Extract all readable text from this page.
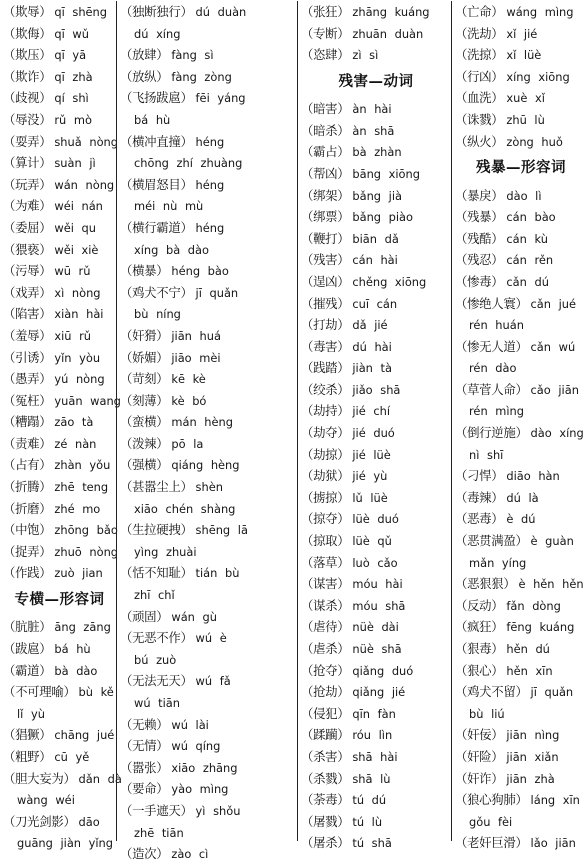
（欺辱） qī shēng
（欺侮） qī wǔ
（欺压） qī yā
（欺诈） qī zhà
（歧视） qí shì
（辱没） rǔ mò
（耍弄） shuǎ nòng
（算计） suàn jì
（玩弄） wán nòng
（为难） wéi nán
（委屈） wěi qu
（猥亵） wěi xiè
（污辱） wū rǔ
（戏弄） xì nòng
（陷害） xiàn hài
（羞辱） xiū rǔ
（引诱） yǐn yòu
（愚弄） yú nòng
（冤枉） yuān wang
（糟蹋） zāo tà
（责难） zé nàn
（占有） zhàn yǒu
（折腾） zhē teng
（折磨） zhé mo
（中饱） zhōng bǎo
（捉弄） zhuō nòng
（作践） zuò jian
专横—形容词
（肮脏） āng zāng
（跋扈） bá hù
（霸道） bà dào
（不可理喻） bù kě
lǐ yù
（猖獗） chāng jué
（粗野） cū yě
（胆大妄为） dǎn dà
wàng wéi
（刀光剑影） dāo
guāng jiàn yǐng
（独断独行） dú duàn
dú xíng
（放肆） fàng sì
（放纵） fàng zòng
（飞扬跋扈） fēi yáng
bá hù
（横冲直撞） héng
chōng zhí zhuàng
（横眉怒目） héng
méi nù mù
（横行霸道） héng
xíng bà dào
（横暴） héng bào
（鸡犬不宁） jī quǎn
bù níng
（奸猾） jiān huá
（娇媚） jiāo mèi
（苛刻） kē kè
（刻薄） kè bó
（蛮横） mán hèng
（泼辣） pō la
（强横） qiáng hèng
（甚嚣尘上） shèn
xiāo chén shàng
（生拉硬拽） shēng lā
yìng zhuài
（恬不知耻） tián bù
zhī chǐ
（顽固） wán gù
（无恶不作） wú è
bú zuò
（无法无天） wú fǎ
wú tiān
（无赖） wú lài
（无情） wú qíng
（嚣张） xiāo zhāng
（要命） yào mìng
（一手遮天） yì shǒu
zhē tiān
（造次） zào cì
（张狂） zhāng kuáng
（专断） zhuān duàn
（恣肆） zì sì
残害—动词
（暗害） àn hài
（暗杀） àn shā
（霸占） bà zhàn
（帮凶） bāng xiōng
（绑架） bǎng jià
（绑票） bǎng piào
（鞭打） biān dǎ
（残害） cán hài
（逞凶） chěng xiōng
（摧残） cuī cán
（打劫） dǎ jié
（毒害） dú hài
（践踏） jiàn tà
（绞杀） jiǎo shā
（劫持） jié chí
（劫夺） jié duó
（劫掠） jié lüè
（劫狱） jié yù
（掳掠） lǔ lüè
（掠夺） lüè duó
（掠取） lüè qǔ
（落草） luò cǎo
（谋害） móu hài
（谋杀） móu shā
（虐待） nüè dài
（虐杀） nüè shā
（抢夺） qiǎng duó
（抢劫） qiǎng jié
（侵犯） qīn fàn
（蹂躏） róu lìn
（杀害） shā hài
（杀戮） shā lù
（荼毒） tú dú
（屠戮） tú lù
（屠杀） tú shā
（亡命） wáng mìng
（洗劫） xǐ jié
（洗掠） xǐ lüè
（行凶） xíng xiōng
（血洗） xuè xǐ
（诛戮） zhū lù
（纵火） zòng huǒ
残暴—形容词
（暴戾） dào lì
（残暴） cán bào
（残酷） cán kù
（残忍） cán rěn
（惨毒） cǎn dú
（惨绝人寰） cǎn jué
rén huán
（惨无人道） cǎn wú
rén dào
（草菅人命） cǎo jiān
rén mìng
（倒行逆施） dào xíng
nì shī
（刁悍） diāo hàn
（毒辣） dú là
（恶毒） è dú
（恶贯满盈） è guàn
mǎn yíng
（恶狠狠） è hěn hěn
（反动） fǎn dòng
（疯狂） fēng kuáng
（狠毒） hěn dú
（狠心） hěn xīn
（鸡犬不留） jī quǎn
bù liú
（奸佞） jiān nìng
（奸险） jiān xiǎn
（奸诈） jiān zhà
（狼心狗肺） láng xīn
gǒu fèi
（老奸巨滑） lǎo jiān
